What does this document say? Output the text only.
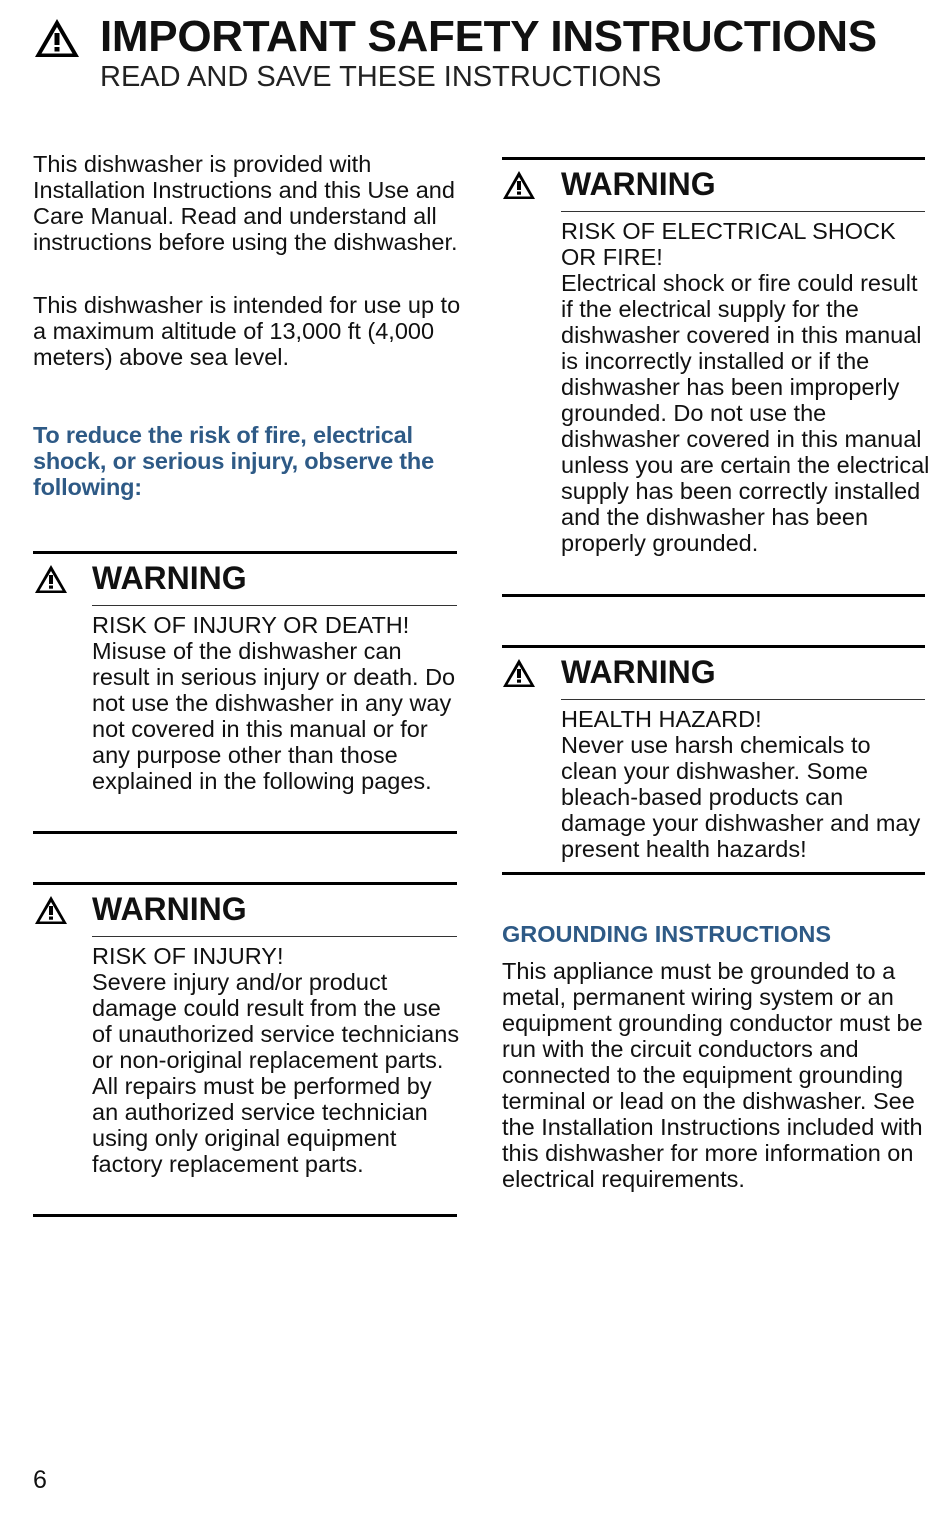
IMPORTANT SAFETY INSTRUCTIONS

READ AND SAVE THESE INSTRUCTIONS

This dishwasher is provided with Installation Instructions and this Use and Care Manual. Read and understand all instructions before using the dishwasher.

This dishwasher is intended for use up to a maximum altitude of 13,000 ft (4,000 meters) above sea level.

To reduce the risk of fire, electrical shock, or serious injury, observe the following:

WARNING

RISK OF INJURY OR DEATH!

Misuse of the dishwasher can result in serious injury or death. Do not use the dishwasher in any way not covered in this manual or for any purpose other than those explained in the following pages.

WARNING

RISK OF INJURY!

Severe injury and/or product damage could result from the use of unauthorized service technicians or non-original replacement parts. All repairs must be performed by an authorized service technician using only original equipment factory replacement parts.

WARNING

RISK OF ELECTRICAL SHOCK OR FIRE!

Electrical shock or fire could result if the electrical supply for the dishwasher covered in this manual is incorrectly installed or if the dishwasher has been improperly grounded. Do not use the dishwasher covered in this manual unless you are certain the electrical supply has been correctly installed and the dishwasher has been properly grounded.

WARNING

HEALTH HAZARD!

Never use harsh chemicals to clean your dishwasher. Some bleach-based products can damage your dishwasher and may present health hazards!

GROUNDING INSTRUCTIONS

This appliance must be grounded to a metal, permanent wiring system or an equipment grounding conductor must be run with the circuit conductors and connected to the equipment grounding terminal or lead on the dishwasher. See the Installation Instructions included with this dishwasher for more information on electrical requirements.

6
